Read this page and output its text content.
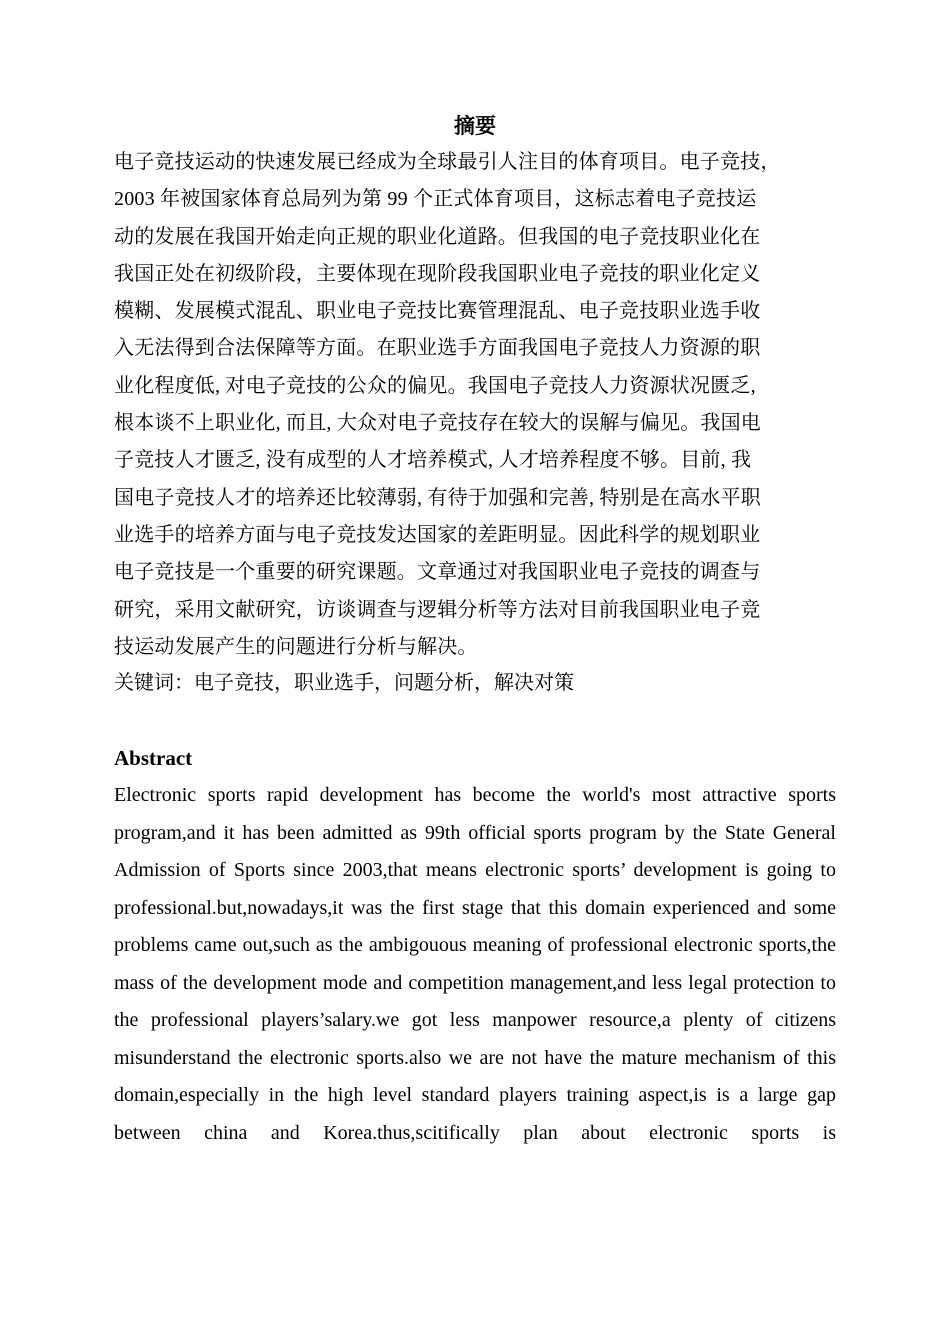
摘要

电子竞技运动的快速发展已经成为全球最引人注目的体育项目。电子竞技，
2003 年被国家体育总局列为第 99 个正式体育项目，这标志着电子竞技运
动的发展在我国开始走向正规的职业化道路。但我国的电子竞技职业化在
我国正处在初级阶段，主要体现在现阶段我国职业电子竞技的职业化定义
模糊、发展模式混乱、职业电子竞技比赛管理混乱、电子竞技职业选手收
入无法得到合法保障等方面。在职业选手方面我国电子竞技人力资源的职
业化程度低, 对电子竞技的公众的偏见。我国电子竞技人力资源状况匮乏,
根本谈不上职业化, 而且, 大众对电子竞技存在较大的误解与偏见。我国电
子竞技人才匮乏, 没有成型的人才培养模式, 人才培养程度不够。目前, 我
国电子竞技人才的培养还比较薄弱, 有待于加强和完善, 特别是在高水平职
业选手的培养方面与电子竞技发达国家的差距明显。因此科学的规划职业
电子竞技是一个重要的研究课题。文章通过对我国职业电子竞技的调查与
研究，采用文献研究，访谈调查与逻辑分析等方法对目前我国职业电子竞
技运动发展产生的问题进行分析与解决。

关键词：电子竞技，职业选手，问题分析，解决对策

Abstract

Electronic sports rapid development has become the world's most attractive sports program,and it has been admitted as 99th official sports program by the State General Admission of Sports since 2003,that means electronic sports’ development is going to professional.but,nowadays,it was the first stage that this domain experienced and some problems came out,such as the ambigouous meaning of professional electronic sports,the mass of the development mode and competition management,and less legal protection to the professional players’salary.we got less manpower resource,a plenty of citizens misunderstand the electronic sports.also we are not have the mature mechanism of this domain,especially in the high level standard players training aspect,is is a large gap between china and Korea.thus,scitifically plan about electronic sports is
